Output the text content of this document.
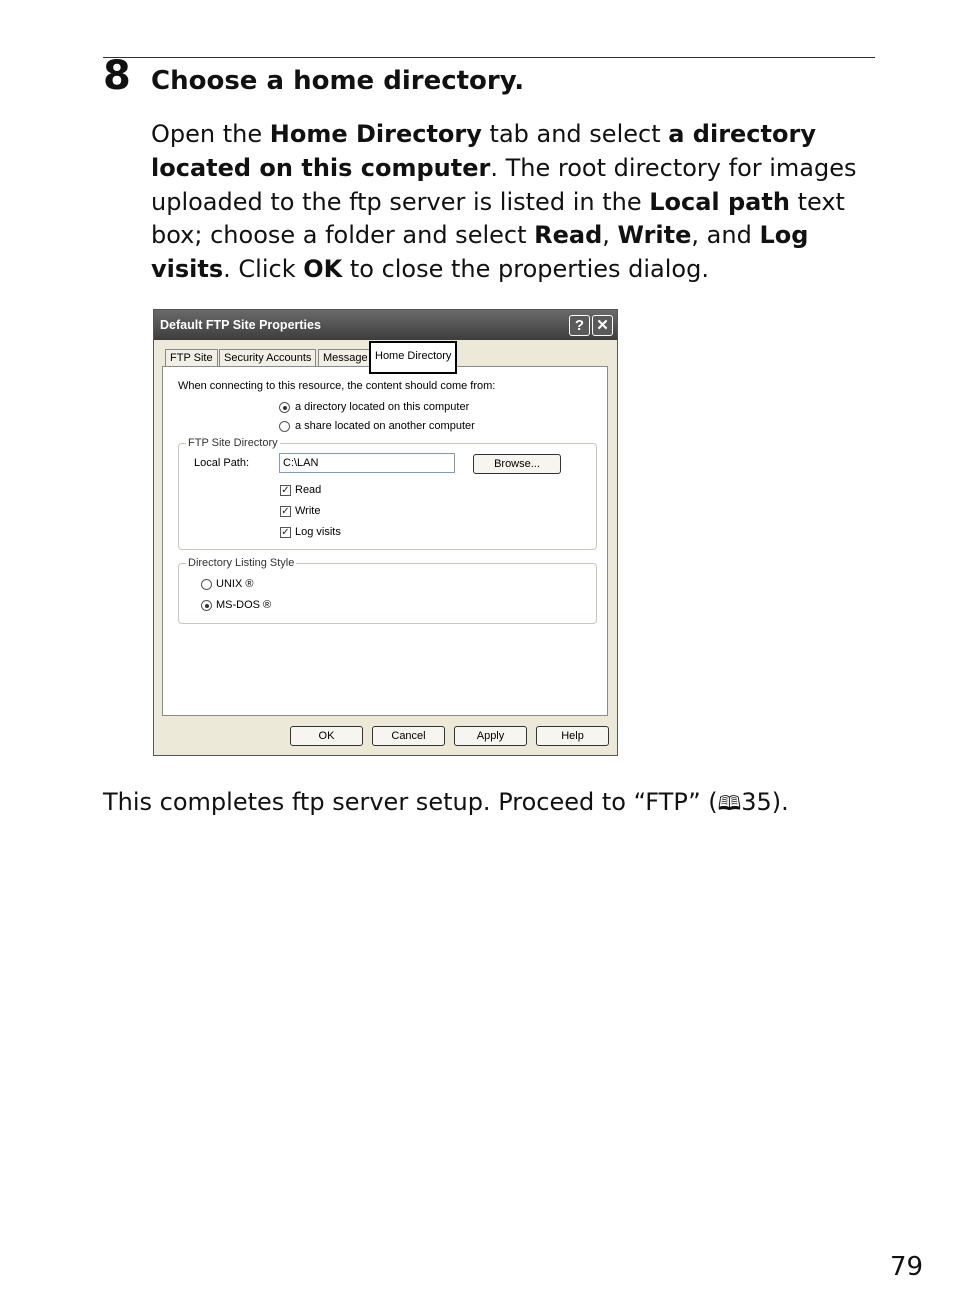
8 Choose a home directory.

Open the Home Directory tab and select a directory located on this computer. The root directory for images uploaded to the ftp server is listed in the Local path text box; choose a folder and select Read, Write, and Log visits. Click OK to close the properties dialog.

Default FTP Site Properties	? ✕
FTP Site	Security Accounts	Message Home Directory
When connecting to this resource, the content should come from:
a directory located on this computer
a share located on another computer
FTP Site Directory
Local Path:	C:\LAN	Browse...
✓ Read
✓ Write
✓ Log visits
Directory Listing Style
UNIX ®
MS-DOS ®
OK	Cancel	Apply	Help
This completes ftp server setup. Proceed to “FTP” (🕮35).
79
